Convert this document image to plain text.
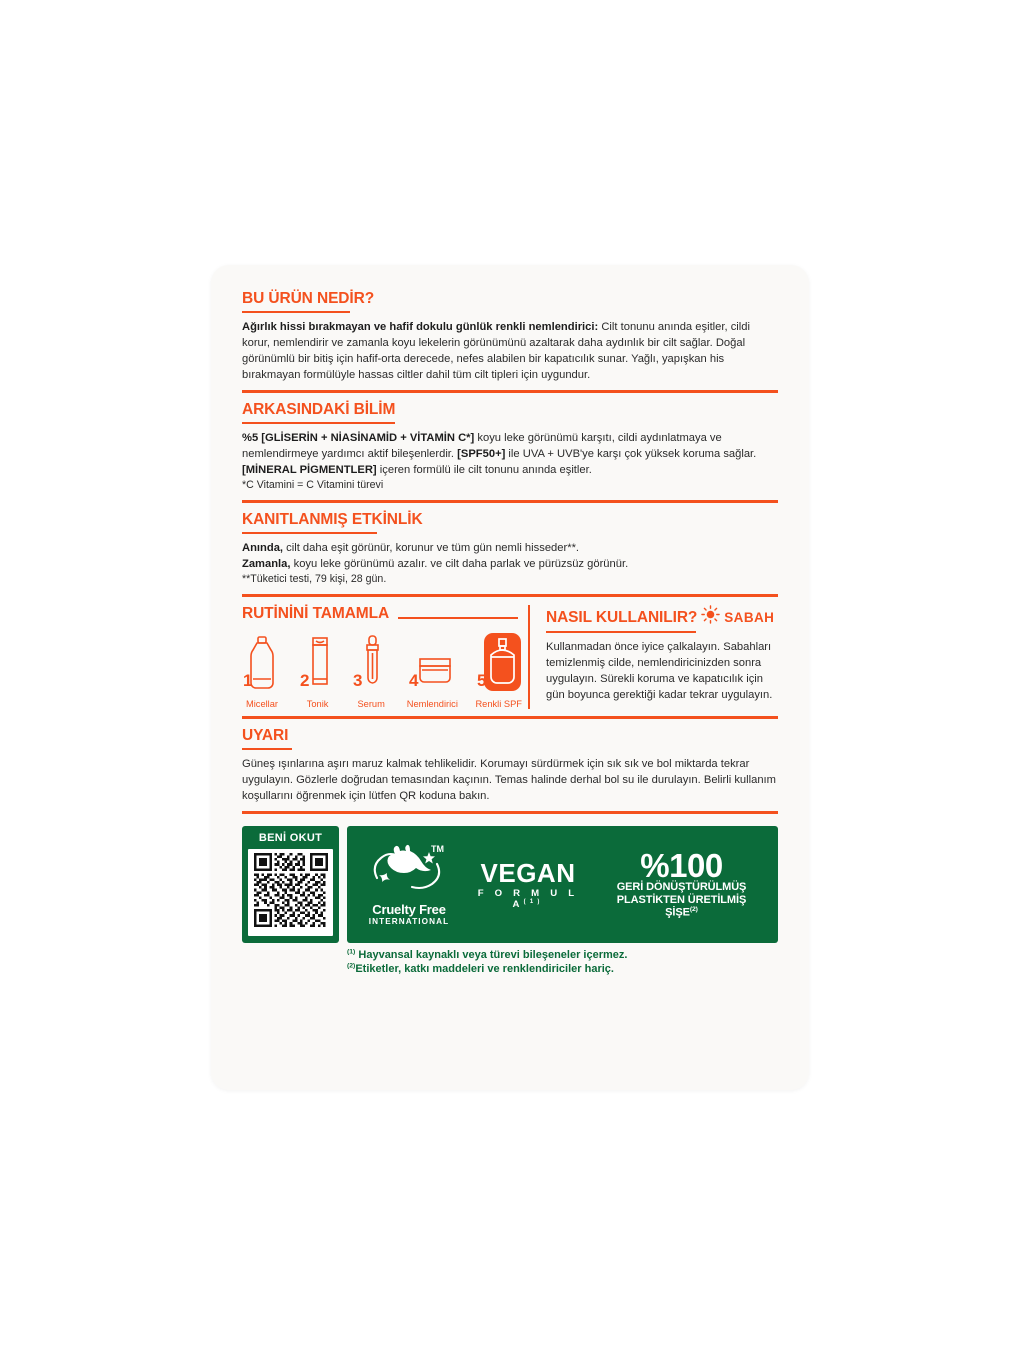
BU ÜRÜN NEDİR?

Ağırlık hissi bırakmayan ve hafif dokulu günlük renkli nemlendirici: Cilt tonunu anında eşitler, cildi korur, nemlendirir ve zamanla koyu lekelerin görünümünü azaltarak daha aydınlık bir cilt sağlar. Doğal görünümlü bir bitiş için hafif-orta derecede, nefes alabilen bir kapatıcılık sunar. Yağlı, yapışkan his bırakmayan formülüyle hassas ciltler dahil tüm cilt tipleri için uygundur.

ARKASINDAKİ BİLİM

%5 [GLİSERİN + NİASİNAMİD + VİTAMİN C*] koyu leke görünümü karşıtı, cildi aydınlatmaya ve nemlendirmeye yardımcı aktif bileşenlerdir. [SPF50+] ile UVA + UVB'ye karşı çok yüksek koruma sağlar. [MİNERAL PİGMENTLER] içeren formülü ile cilt tonunu anında eşitler.

*C Vitamini = C Vitamini türevi

KANITLANMIŞ ETKİNLİK

Anında, cilt daha eşit görünür, korunur ve tüm gün nemli hisseder**.

Zamanla, koyu leke görünümü azalır. ve cilt daha parlak ve pürüzsüz görünür.

**Tüketici testi, 79 kişi, 28 gün.

RUTİNİNİ TAMAMLA
1
Micellar
2
Tonik
3
Serum
4
Nemlendirici
5
Renkli SPF
NASIL KULLANILIR? SABAH

Kullanmadan önce iyice çalkalayın. Sabahları temizlenmiş cilde, nemlendiricinizden sonra uygulayın. Sürekli koruma ve kapatıcılık için gün boyunca gerektiği kadar tekrar uygulayın.

UYARI

Güneş ışınlarına aşırı maruz kalmak tehlikelidir. Korumayı sürdürmek için sık sık ve bol miktarda tekrar uygulayın. Gözlerle doğrudan temasından kaçının. Temas halinde derhal bol su ile durulayın. Belirli kullanım koşullarını öğrenmek için lütfen QR koduna bakın.

BENİ OKUT
TM
Cruelty Free
INTERNATIONAL
VEGAN
F O R M U L $A^{(1)}$
%100
GERİ DÖNÜŞTÜRÜLMÜŞ
PLASTİKTEN ÜRETİLMİŞ
ŞİŞE$^{(2)}$
$^{(1)}$ Hayvansal kaynaklı veya türevi bileşeneler içermez.
$^{(2)}$Etiketler, katkı maddeleri ve renklendiriciler hariç.
